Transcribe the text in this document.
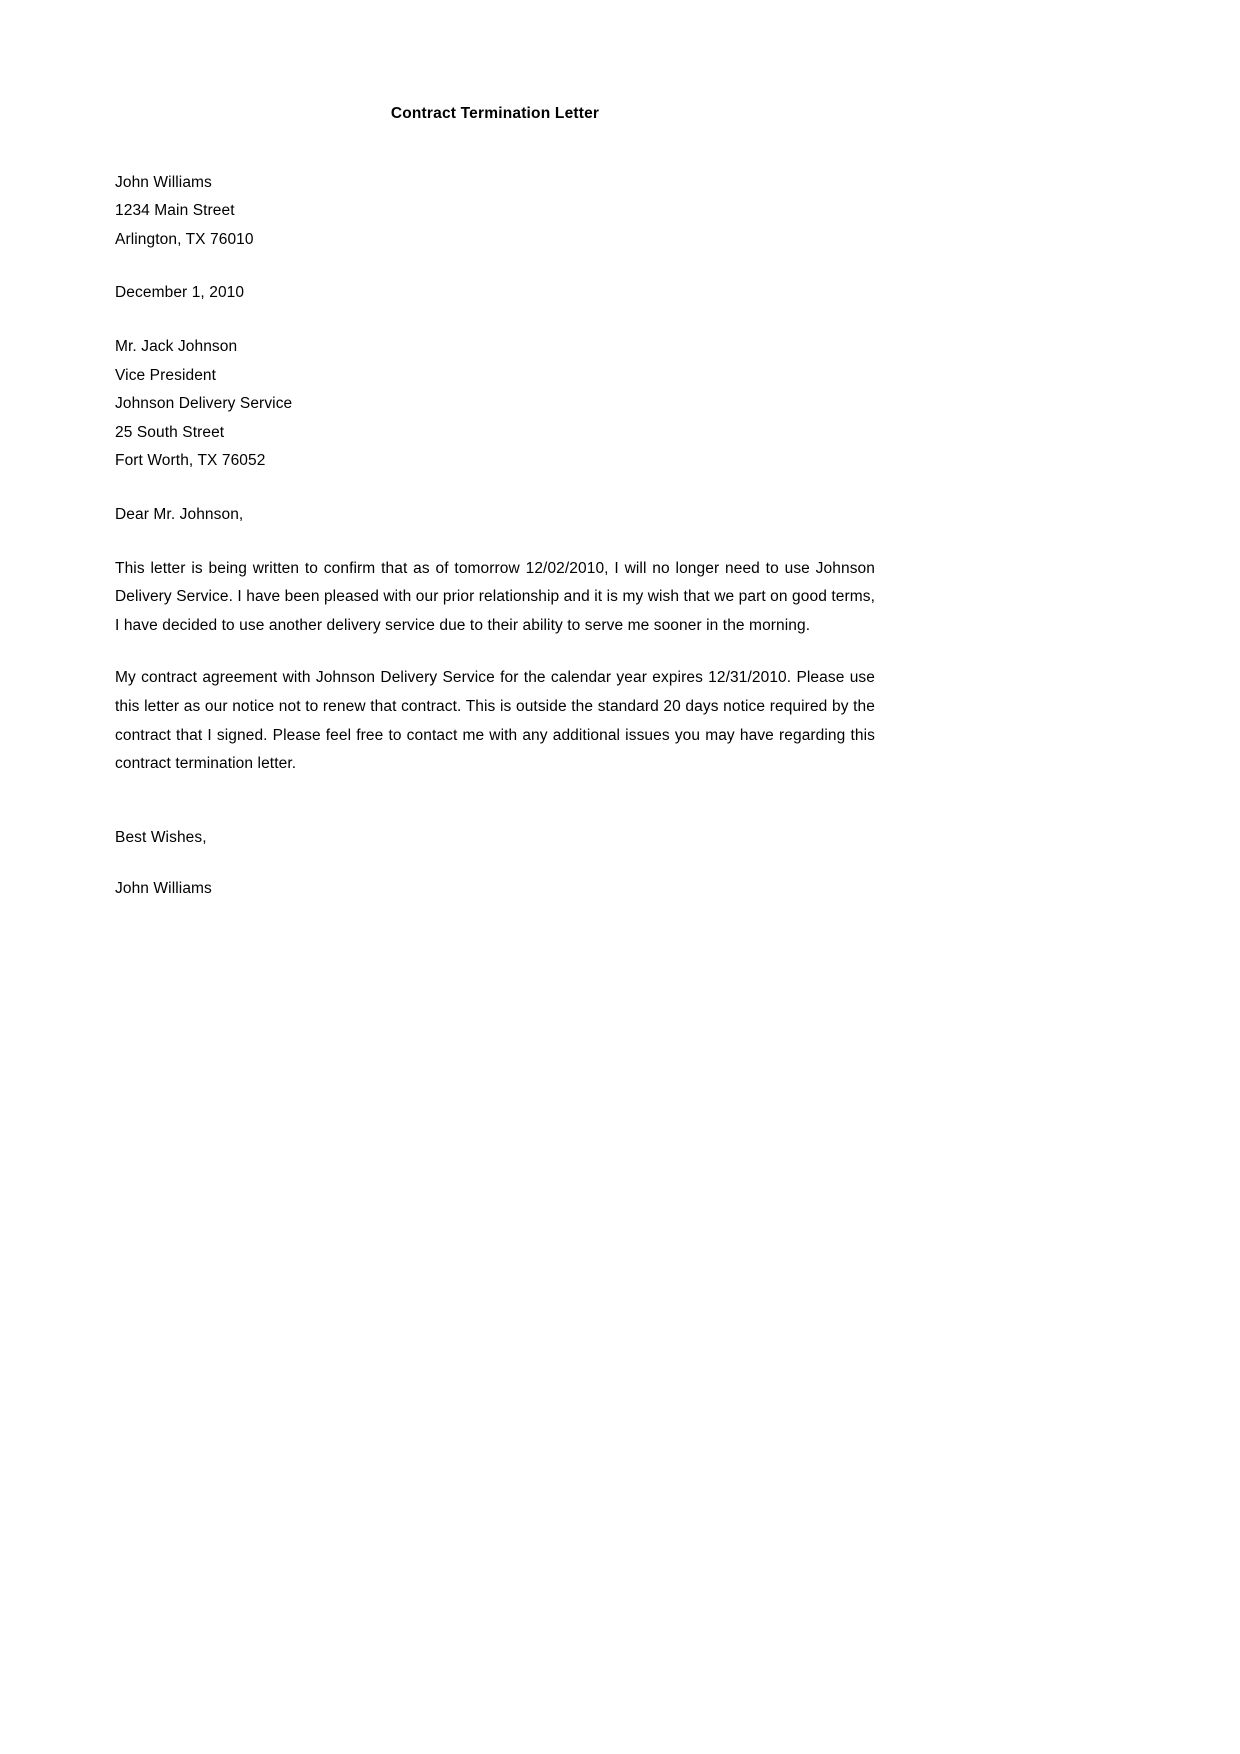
Contract Termination Letter
John Williams
1234 Main Street
Arlington, TX 76010
December 1, 2010
Mr. Jack Johnson
Vice President
Johnson Delivery Service
25 South Street
Fort Worth, TX 76052
Dear Mr. Johnson,

This letter is being written to confirm that as of tomorrow 12/02/2010, I will no longer need to use Johnson Delivery Service. I have been pleased with our prior relationship and it is my wish that we part on good terms, I have decided to use another delivery service due to their ability to serve me sooner in the morning.

My contract agreement with Johnson Delivery Service for the calendar year expires 12/31/2010. Please use this letter as our notice not to renew that contract. This is outside the standard 20 days notice required by the contract that I signed. Please feel free to contact me with any additional issues you may have regarding this contract termination letter.

Best Wishes,
John Williams
